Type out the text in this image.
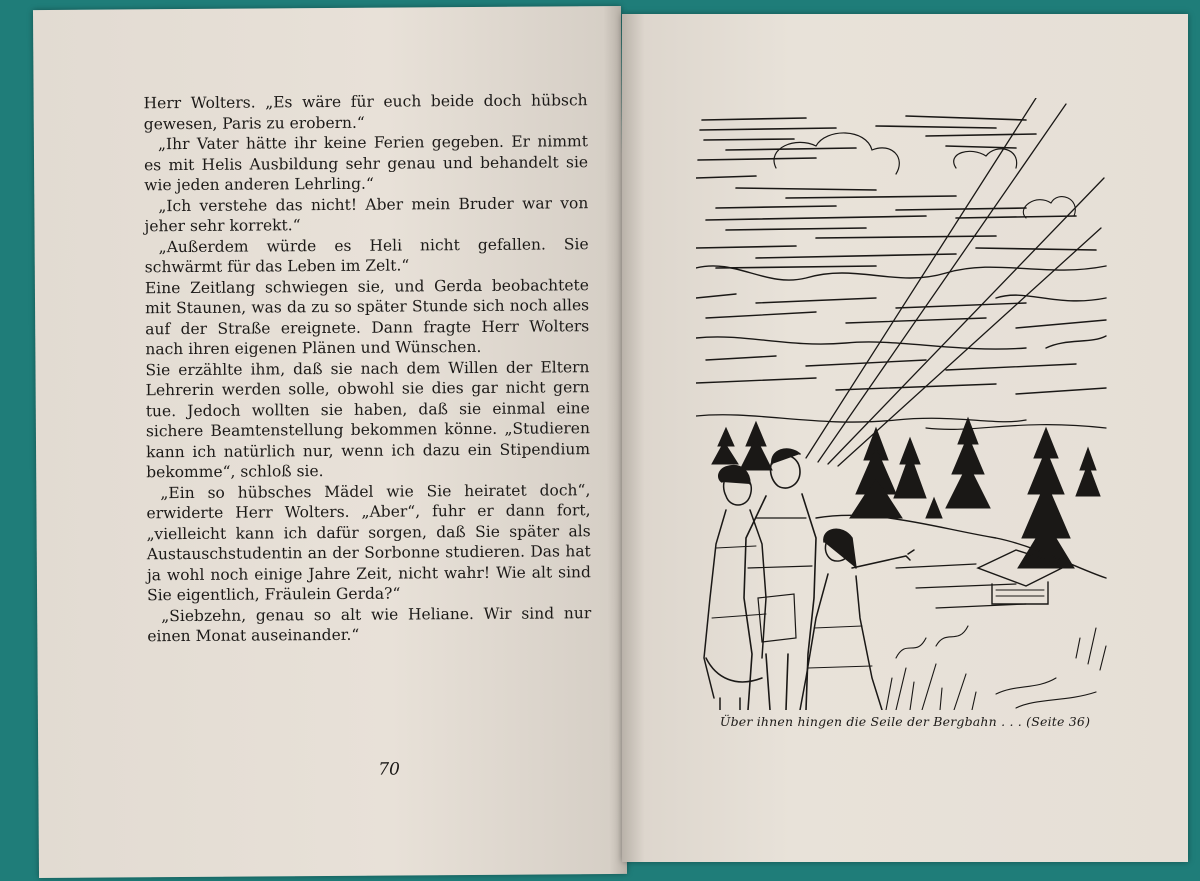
Herr Wolters. „Es wäre für euch beide doch hübsch gewesen, Paris zu erobern.“

„Ihr Vater hätte ihr keine Ferien gegeben. Er nimmt es mit Helis Ausbildung sehr genau und behandelt sie wie jeden anderen Lehrling.“

„Ich verstehe das nicht! Aber mein Bruder war von jeher sehr korrekt.“

„Außerdem würde es Heli nicht gefallen. Sie schwärmt für das Leben im Zelt.“

Eine Zeitlang schwiegen sie, und Gerda beobachtete mit Staunen, was da zu so später Stunde sich noch alles auf der Straße ereignete. Dann fragte Herr Wolters nach ihren eigenen Plänen und Wünschen.

Sie erzählte ihm, daß sie nach dem Willen der Eltern Lehrerin werden solle, obwohl sie dies gar nicht gern tue. Jedoch wollten sie haben, daß sie einmal eine sichere Beamtenstellung bekommen könne. „Studieren kann ich natürlich nur, wenn ich dazu ein Stipendium bekomme“, schloß sie.

„Ein so hübsches Mädel wie Sie heiratet doch“, erwiderte Herr Wolters. „Aber“, fuhr er dann fort, „vielleicht kann ich dafür sorgen, daß Sie später als Austauschstudentin an der Sorbonne studieren. Das hat ja wohl noch einige Jahre Zeit, nicht wahr! Wie alt sind Sie eigentlich, Fräulein Gerda?“

„Siebzehn, genau so alt wie Heliane. Wir sind nur einen Monat auseinander.“

70
Über ihnen hingen die Seile der Bergbahn . . . (Seite 36)
